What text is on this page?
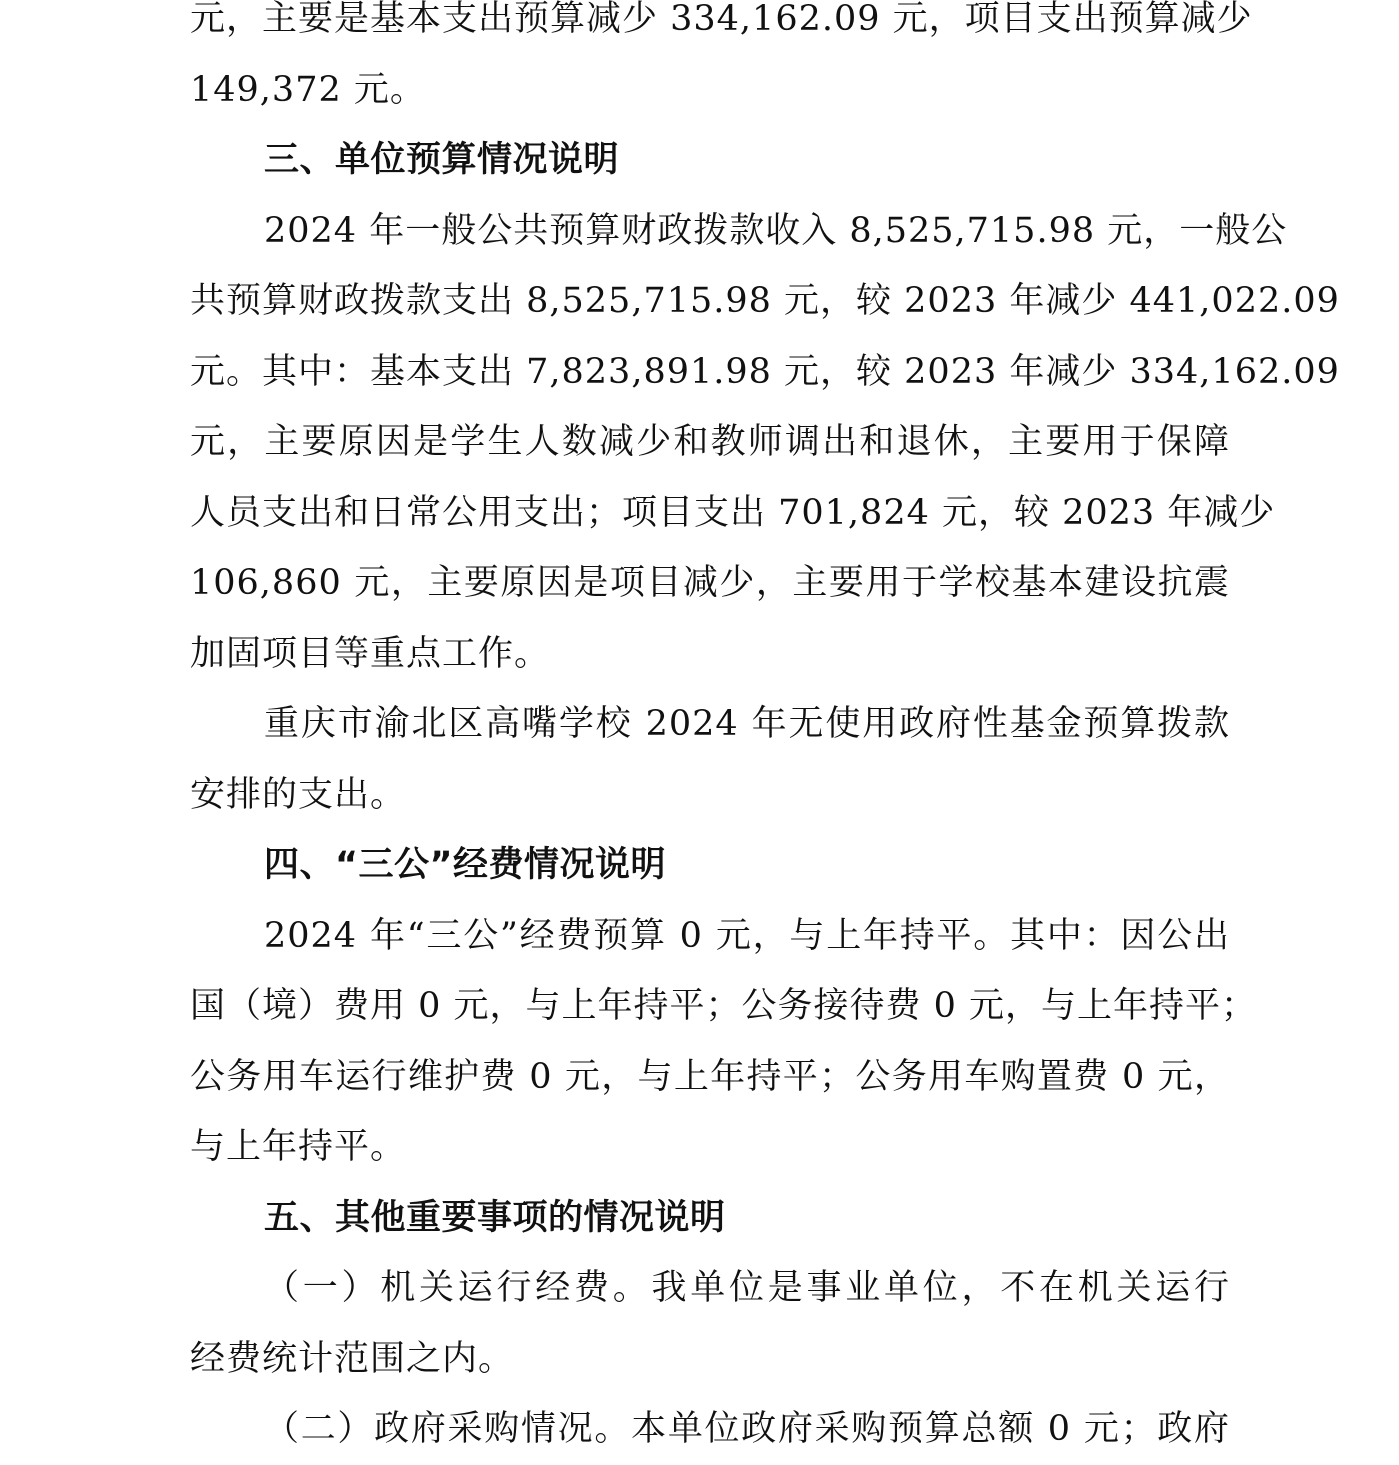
元，主要是基本支出预算减少 334,162.09 元，项目支出预算减少
149,372 元。
三、单位预算情况说明
2024 年一般公共预算财政拨款收入 8,525,715.98 元，一般公
共预算财政拨款支出 8,525,715.98 元，较 2023 年减少 441,022.09
元。其中：基本支出 7,823,891.98 元，较 2023 年减少 334,162.09
元，主要原因是学生人数减少和教师调出和退休，主要用于保障
人员支出和日常公用支出；项目支出 701,824 元，较 2023 年减少
106,860 元，主要原因是项目减少，主要用于学校基本建设抗震
加固项目等重点工作。
重庆市渝北区高嘴学校 2024 年无使用政府性基金预算拨款
安排的支出。
四、“三公”经费情况说明
2024 年“三公”经费预算 0 元，与上年持平。其中：因公出
国（境）费用 0 元，与上年持平；公务接待费 0 元，与上年持平；
公务用车运行维护费 0 元，与上年持平；公务用车购置费 0 元，
与上年持平。
五、其他重要事项的情况说明
（一）机关运行经费。我单位是事业单位，不在机关运行
经费统计范围之内。
（二）政府采购情况。本单位政府采购预算总额 0 元；政府
